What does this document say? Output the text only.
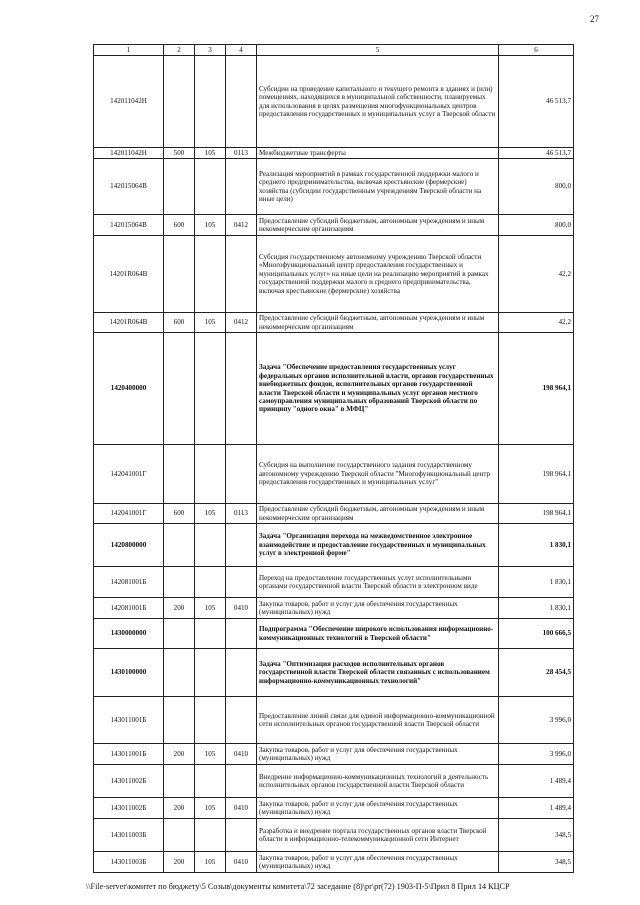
27
1	2	3	4	5	6
142011042Н				Субсидии на проведение капитального и текущего ремонта в зданиях и (или) помещениях, находящихся в муниципальной собственности, планируемых для использования в целях размещения многофункциональных центров предоставления государственных и муниципальных услуг в Тверской области	46 513,7
142011042Н	500	105	0113	Межбюджетные трансферты	46 513,7
142015064В				Реализация мероприятий в рамках государственной поддержки малого и среднего предпринимательства, включая крестьянские (фермерские) хозяйства (субсидии государственным учреждениям Тверской области на иные цели)	800,0
142015064В	600	105	0412	Предоставление субсидий бюджетным, автономным учреждениям и иным некоммерческим организациям	800,0
14201R064В				Субсидия государственному автономному учреждению Тверской области «Многофункциональный центр предоставления государственных и муниципальных услуг» на иные цели на реализацию мероприятий в рамках государственной поддержки малого и среднего предпринимательства, включая крестьянские (фермерские) хозяйства	42,2
14201R064В	600	105	0412	Предоставление субсидий бюджетным, автономным учреждениям и иным некоммерческим организациям	42,2
1420400000				Задача "Обеспечение предоставления государственных услуг федеральных органов исполнительной власти, органов государственных внебюджетных фондов, исполнительных органов государственной власти Тверской области и муниципальных услуг органов местного самоуправления муниципальных образований Тверской области по принципу "одного окна" в МФЦ"	198 964,1
142041001Г				Субсидия на выполнение государственного задания государственному автономному учреждению Тверской области "Многофункциональный центр предоставления государственных и муниципальных услуг"	198 964,1
142041001Г	600	105	0113	Предоставление субсидий бюджетным, автономным учреждениям и иным некоммерческим организациям	198 964,1
1420800000				Задача "Организация перехода на межведомственное электронное взаимодействие и предоставление государственных и муниципальных услуг в электронной форме"	1 830,1
142081001Б				Переход на предоставление государственных услуг исполнительными органами государственной власти Тверской области в электронном виде	1 830,1
142081001Б	200	105	0410	Закупка товаров, работ и услуг для обеспечения государственных (муниципальных) нужд	1 830,1
1430000000				Подпрограмма "Обеспечение широкого использования информационно-коммуникационных технологий в Тверской области"	100 666,5
1430100000				Задача "Оптимизация расходов исполнительных органов государственной власти Тверской области связанных с использованием информационно-коммуникационных технологий"	28 454,5
143011001Б				Предоставление линий связи для единой информационно-коммуникационной сети исполнительных органов государственной власти Тверской области	3 996,0
143011001Б	200	105	0410	Закупка товаров, работ и услуг для обеспечения государственных (муниципальных) нужд	3 996,0
143011002Б				Внедрение информационно-коммуникационных технологий в деятельность исполнительных органов государственной власти Тверской области	1 489,4
143011002Б	200	105	0410	Закупка товаров, работ и услуг для обеспечения государственных (муниципальных) нужд	1 489,4
143011003Б				Разработка и внедрение портала государственных органов власти Тверской области в информационно-телекоммуникационной сети Интернет	348,5
143011003Б	200	105	0410	Закупка товаров, работ и услуг для обеспечения государственных (муниципальных) нужд	348,5
\\File-server\комитет по бюджету\5 Созыв\документы комитета\72 заседание (8)\pr\pr(72) 1903-П-5\Прил 8 Прил 14 КЦСР
